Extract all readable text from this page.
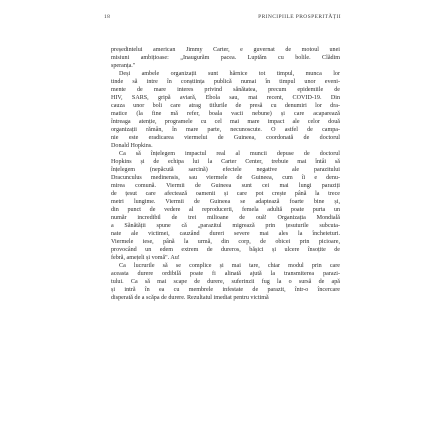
18	PRINCIPIILE PROSPERITĂȚII
președintelui american Jimmy Carter, e guvernat de motoul unei
misiuni ambițioase: „Inaugurăm pacea. Luptăm cu bolile. Clădim
speranța."
Deși ambele organizații sunt hărnice tot timpul, munca lor
tinde să intre în conștiința publică numai în timpul unor eveni-
mente de mare interes privind sănătatea, precum epidemiile de
HIV, SARS, gripă aviară, Ebola sau, mai recent, COVID-19. Din
cauza unor boli care atrag titlurile de presă cu denumiri lor dra-
matice (la fine mă refer, boala vacii nebune) și care acaparează
întreaga atenție, programele cu cel mai mare impact ale celor două
organizații rămân, în mare parte, necunoscute. O astfel de campa-
nie este eradicarea viermelui de Guineea, coordonată de doctorul
Donald Hopkins.
Ca să înțelegem impactul real al muncii depuse de doctorul
Hopkins și de echipa lui la Carter Center, trebuie mai întâi să
înțelegem (nepăcută sarcină) efectele negative ale parazitului
Dracunculus medinensis, sau viermele de Guineea, cum îi e denu-
mirea comună. Viermii de Guineea sunt cei mai lungi paraziți
de țesut care afectează oamenii și care pot crește până la trece
metri lungime. Viermii de Guineea se adaptează foarte bine și,
din punct de vedere al reproducerii, femela adultă poate purta un
număr incredibil de trei milioane de ouă! Organizația Mondială
a Sănătății spune că „parazitul migrează prin țesuturile subcuta-
nate ale victimei, cauzând dureri severe mai ales la încheieturi.
Viermele iese, până la urmă, din corp, de obicei prin picioare,
provocând un edem extrem de dureros, băşici și ulcere însoțite de
febră, amețeli și vomă". Au!
Ca lucrurile să se complice și mai tare, chiar modul prin care
aceasta durere ordibilă poate fi alinată ajută la transmiterea parazi-
tului. Ca să mai scape de durere, suferinzii fug la o sursă de apă
și intră în ea cu membrele infestate de parazit, într-o încercare
disperată de a scăpa de durere. Rezultatul imediat pentru victimă
